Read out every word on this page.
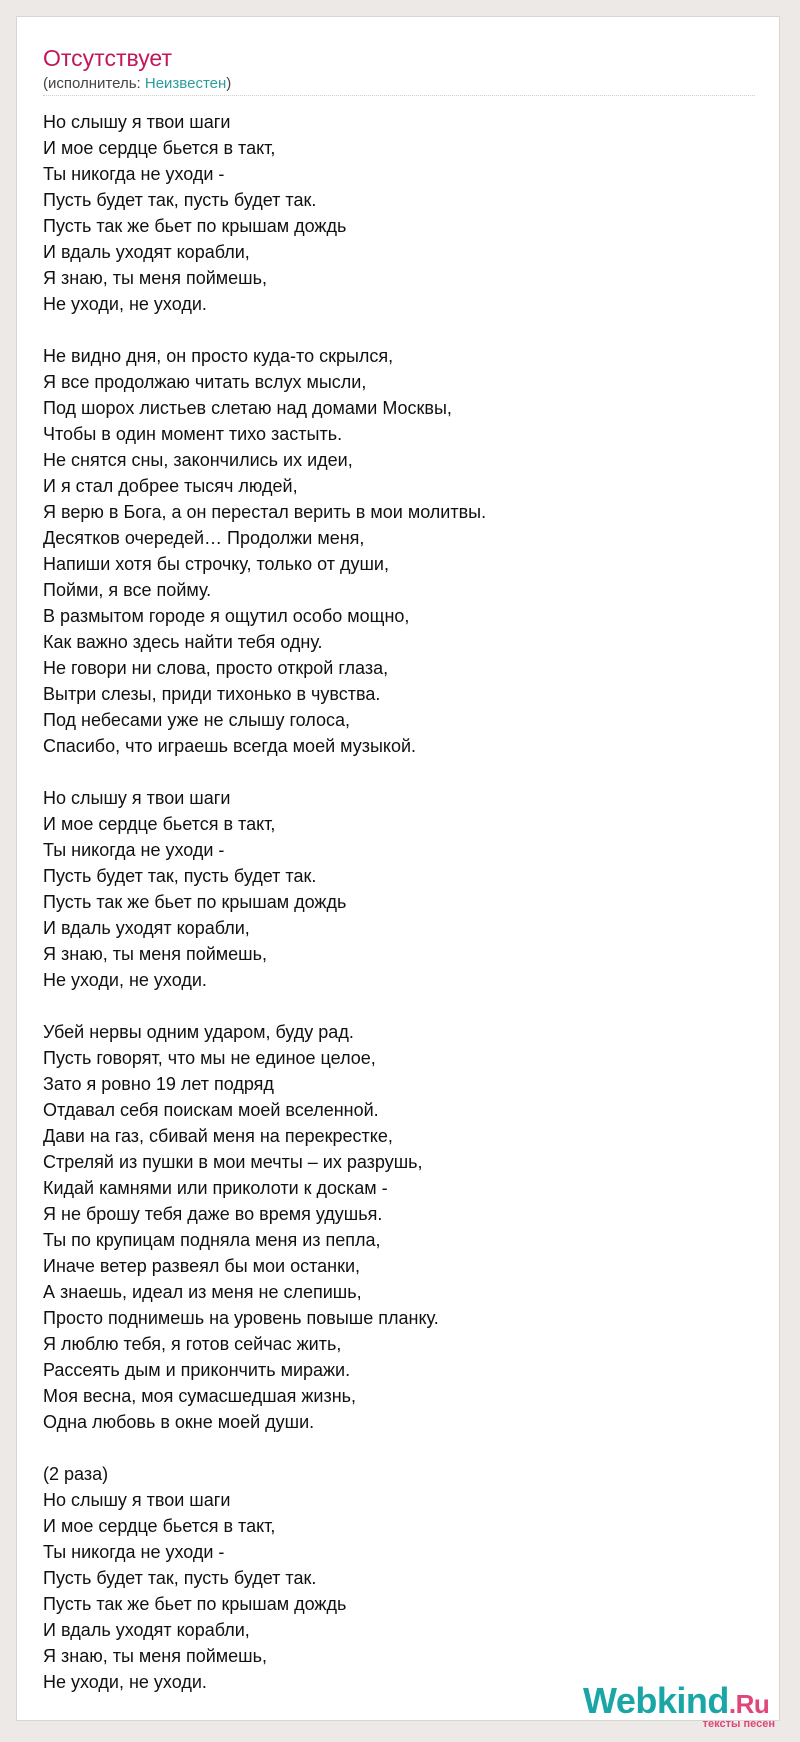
Отсутствует
(исполнитель: Неизвестен)
Но слышу я твои шаги
И мое сердце бьется в такт,
Ты никогда не уходи -
Пусть будет так, пусть будет так.
Пусть так же бьет по крышам дождь
И вдаль уходят корабли,
Я знаю, ты меня поймешь,
Не уходи, не уходи.
Не видно дня, он просто куда-то скрылся,
Я все продолжаю читать вслух мысли,
Под шорох листьев слетаю над домами Москвы,
Чтобы в один момент тихо застыть.
Не снятся сны, закончились их идеи,
И я стал добрее тысяч людей,
Я верю в Бога, а он перестал верить в мои молитвы.
Десятков очередей… Продолжи меня,
Напиши хотя бы строчку, только от души,
Пойми, я все пойму.
В размытом городе я ощутил особо мощно,
Как важно здесь найти тебя одну.
Не говори ни слова, просто открой глаза,
Вытри слезы, приди тихонько в чувства.
Под небесами уже не слышу голоса,
Спасибо, что играешь всегда моей музыкой.
Но слышу я твои шаги
И мое сердце бьется в такт,
Ты никогда не уходи -
Пусть будет так, пусть будет так.
Пусть так же бьет по крышам дождь
И вдаль уходят корабли,
Я знаю, ты меня поймешь,
Не уходи, не уходи.
Убей нервы одним ударом, буду рад.
Пусть говорят, что мы не единое целое,
Зато я ровно 19 лет подряд
Отдавал себя поискам моей вселенной.
Дави на газ, сбивай меня на перекрестке,
Стреляй из пушки в мои мечты – их разрушь,
Кидай камнями или приколоти к доскам -
Я не брошу тебя даже во время удушья.
Ты по крупицам подняла меня из пепла,
Иначе ветер развеял бы мои останки,
А знаешь, идеал из меня не слепишь,
Просто поднимешь на уровень повыше планку.
Я люблю тебя, я готов сейчас жить,
Рассеять дым и прикончить миражи.
Моя весна, моя сумасшедшая жизнь,
Одна любовь в окне моей души.
(2 раза)
Но слышу я твои шаги
И мое сердце бьется в такт,
Ты никогда не уходи -
Пусть будет так, пусть будет так.
Пусть так же бьет по крышам дождь
И вдаль уходят корабли,
Я знаю, ты меня поймешь,
Не уходи, не уходи.	Webkind.Ru
тексты песен
